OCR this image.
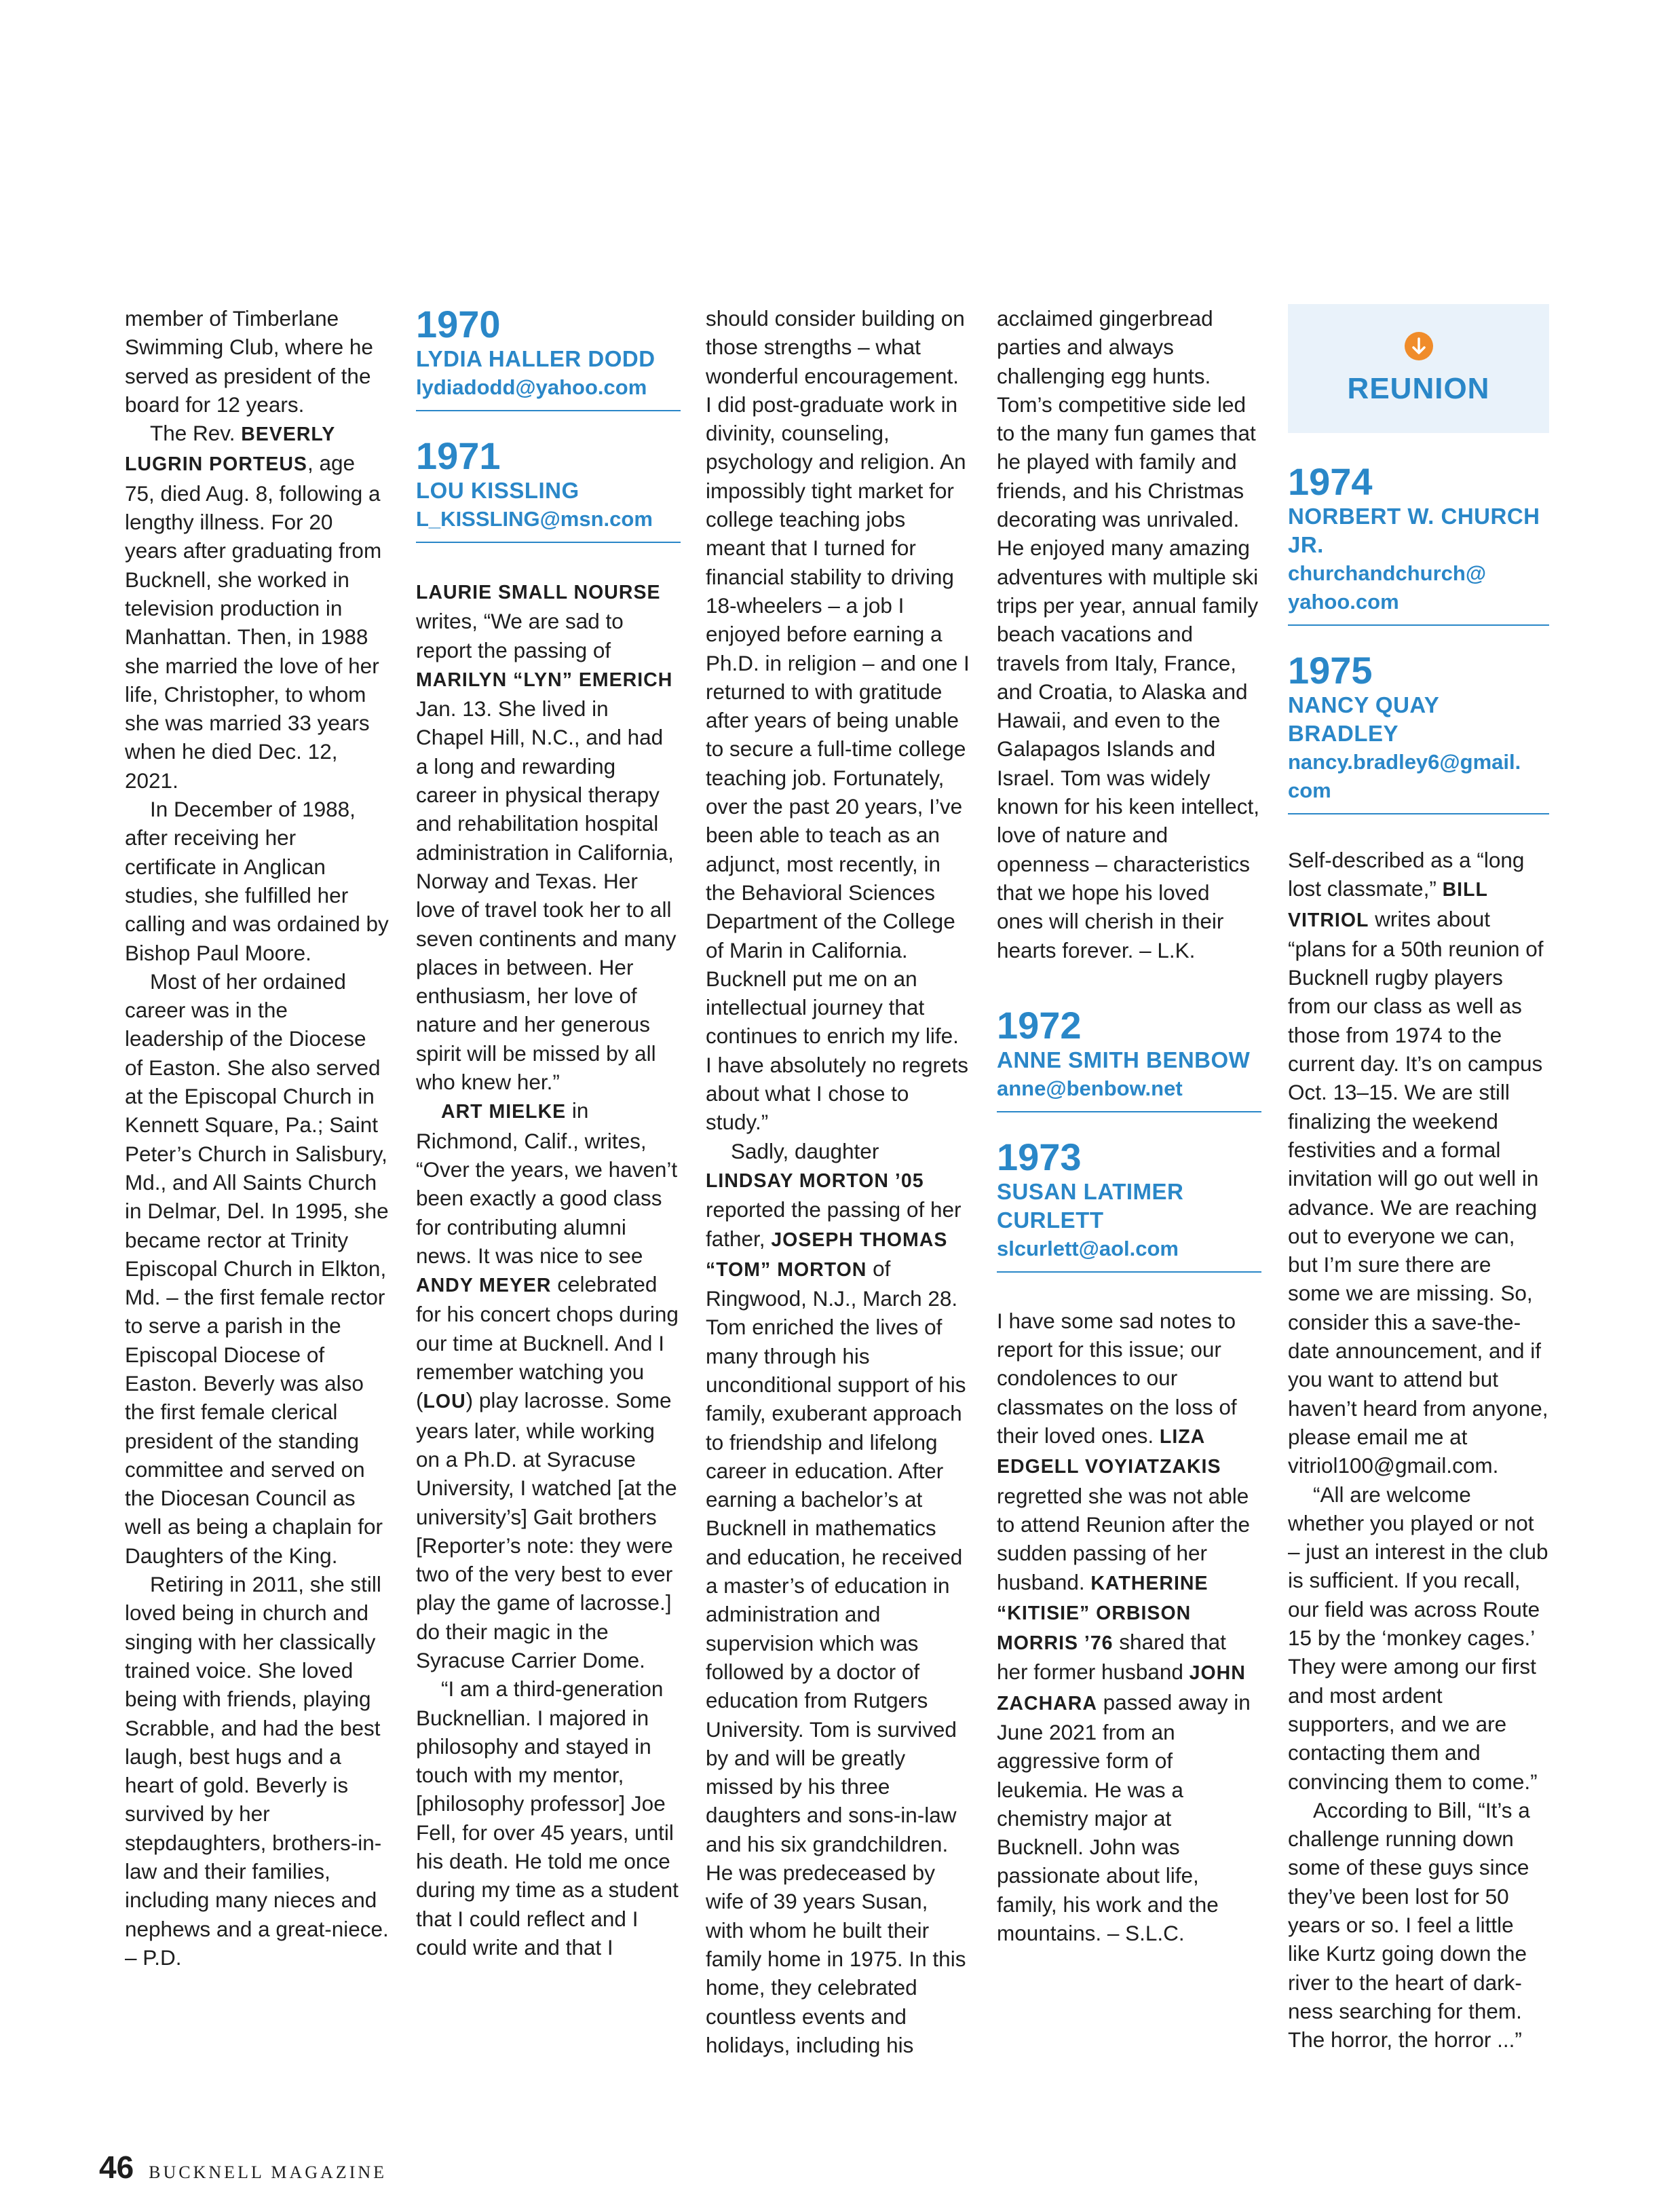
member of Timberlane Swimming Club, where he served as president of the board for 12 years.

The Rev. BEVERLY LUGRIN PORTEUS, age 75, died Aug. 8, following a lengthy illness. For 20 years after graduating from Bucknell, she worked in television production in Manhattan. Then, in 1988 she married the love of her life, Christopher, to whom she was married 33 years when he died Dec. 12, 2021.

In December of 1988, after receiving her certificate in Anglican studies, she fulfilled her calling and was ordained by Bishop Paul Moore.

Most of her ordained career was in the leadership of the Diocese of Easton. She also served at the Episcopal Church in Kennett Square, Pa.; Saint Peter’s Church in Salisbury, Md., and All Saints Church in Delmar, Del. In 1995, she became rector at Trinity Episcopal Church in Elkton, Md. – the first female rector to serve a parish in the Episcopal Diocese of Easton. Beverly was also the first female clerical president of the standing committee and served on the Diocesan Council as well as being a chaplain for Daughters of the King.

Retiring in 2011, she still loved being in church and singing with her classically trained voice. She loved being with friends, playing Scrabble, and had the best laugh, best hugs and a heart of gold. Beverly is survived by her stepdaughters, brothers-in-law and their families, including many nieces and nephews and a great-niece. – P.D.

1970

LYDIA HALLER DODD

lydiadodd@yahoo.com

1971

LOU KISSLING

L_KISSLING@msn.com

LAURIE SMALL NOURSE writes, “We are sad to report the passing of MARILYN “LYN” EMERICH Jan. 13. She lived in Chapel Hill, N.C., and had a long and rewarding career in physical therapy and rehabilitation hospital administration in California, Norway and Texas. Her love of travel took her to all seven continents and many places in between. Her enthusiasm, her love of nature and her generous spirit will be missed by all who knew her.”

ART MIELKE in Richmond, Calif., writes, “Over the years, we haven’t been exactly a good class for contributing alumni news. It was nice to see ANDY MEYER celebrated for his concert chops during our time at Bucknell. And I remember watching you (LOU) play lacrosse. Some years later, while working on a Ph.D. at Syracuse University, I watched [at the university’s] Gait brothers [Reporter’s note: they were two of the very best to ever play the game of lacrosse.] do their magic in the Syracuse Carrier Dome.

“I am a third-generation Bucknellian. I majored in philosophy and stayed in touch with my mentor, [philosophy professor] Joe Fell, for over 45 years, until his death. He told me once during my time as a student that I could reflect and I could write and that I

should consider building on those strengths – what wonderful encouragement. I did post-graduate work in divinity, counseling, psychology and religion. An impossibly tight market for college teaching jobs meant that I turned for financial stability to driving 18-wheelers – a job I enjoyed before earning a Ph.D. in religion – and one I returned to with gratitude after years of being unable to secure a full-time college teaching job. Fortunately, over the past 20 years, I’ve been able to teach as an adjunct, most recently, in the Behavioral Sciences Department of the College of Marin in California. Bucknell put me on an intellectual journey that continues to enrich my life. I have absolutely no regrets about what I chose to study.”

Sadly, daughter LINDSAY MORTON ’05 reported the passing of her father, JOSEPH THOMAS “TOM” MORTON of Ringwood, N.J., March 28. Tom enriched the lives of many through his unconditional support of his family, exuberant approach to friendship and lifelong career in education. After earning a bachelor’s at Bucknell in mathematics and education, he received a master’s of education in administration and supervision which was followed by a doctor of education from Rutgers University. Tom is survived by and will be greatly missed by his three daughters and sons-in-law and his six grandchildren. He was predeceased by wife of 39 years Susan, with whom he built their family home in 1975. In this home, they celebrated countless events and holidays, including his

acclaimed gingerbread parties and always challenging egg hunts. Tom’s competitive side led to the many fun games that he played with family and friends, and his Christmas decorating was unrivaled. He enjoyed many amazing adventures with multiple ski trips per year, annual family beach vacations and travels from Italy, France, and Croatia, to Alaska and Hawaii, and even to the Galapagos Islands and Israel. Tom was widely known for his keen intellect, love of nature and openness – characteristics that we hope his loved ones will cherish in their hearts forever. – L.K.

1972

ANNE SMITH BENBOW

anne@benbow.net

1973

SUSAN LATIMER CURLETT

slcurlett@aol.com

I have some sad notes to report for this issue; our condolences to our classmates on the loss of their loved ones. LIZA EDGELL VOYIATZAKIS regretted she was not able to attend Reunion after the sudden passing of her husband. KATHERINE “KITISIE” ORBISON MORRIS ’76 shared that her former husband JOHN ZACHARA passed away in June 2021 from an aggressive form of leukemia. He was a chemistry major at Bucknell. John was passionate about life, family, his work and the mountains. – S.L.C.

REUNION

1974

NORBERT W. CHURCH JR.

churchandchurch@ yahoo.com

1975

NANCY QUAY BRADLEY

nancy.bradley6@gmail. com

Self-described as a “long lost classmate,” BILL VITRIOL writes about “plans for a 50th reunion of Bucknell rugby players from our class as well as those from 1974 to the current day. It’s on campus Oct. 13–15. We are still finalizing the weekend festivities and a formal invitation will go out well in advance. We are reaching out to everyone we can, but I’m sure there are some we are missing. So, consider this a save-the-date announcement, and if you want to attend but haven’t heard from anyone, please email me at vitriol100@gmail.com.

“All are welcome whether you played or not – just an interest in the club is sufficient. If you recall, our field was across Route 15 by the ‘monkey cages.’ They were among our first and most ardent supporters, and we are contacting them and convincing them to come.”

According to Bill, “It’s a challenge running down some of these guys since they’ve been lost for 50 years or so. I feel a little like Kurtz going down the river to the heart of darkness searching for them. The horror, the horror ...”

46 BUCKNELL MAGAZINE
